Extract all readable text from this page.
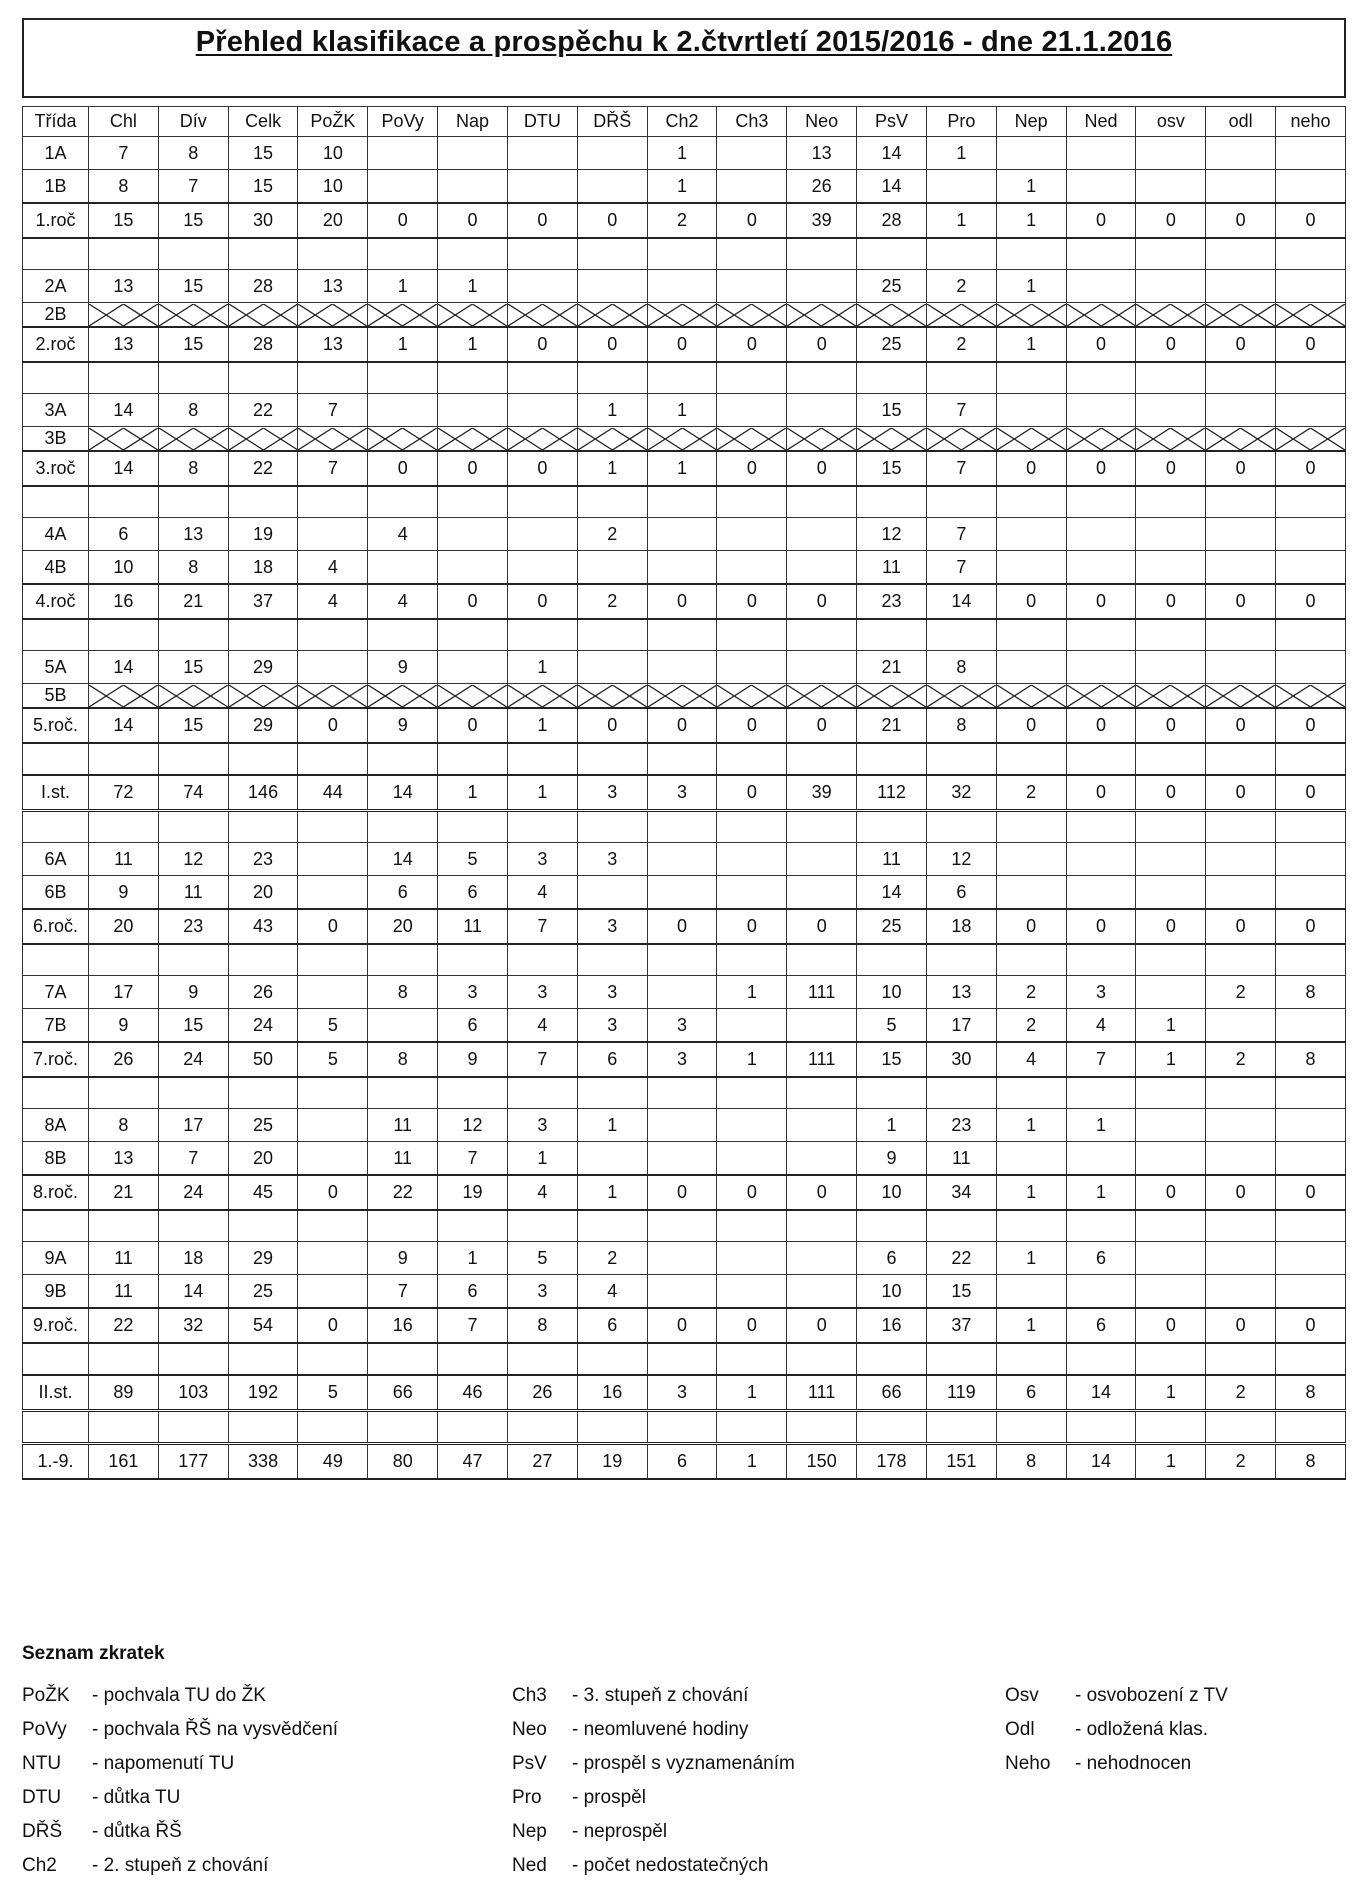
Přehled klasifikace a prospěchu k 2.čtvrtletí 2015/2016 - dne 21.1.2016
Třída	Chl	Dív	Celk	PoŽK	PoVy	Nap	DTU	DŘŠ	Ch2	Ch3	Neo	PsV	Pro	Nep	Ned	osv	odl	neho
1A	7	8	15	10					1		13	14	1					
1B	8	7	15	10					1		26	14		1				
1.roč	15	15	30	20	0	0	0	0	2	0	39	28	1	1	0	0	0	0

2A	13	15	28	13	1	1						25	2	1				
2B	

2.roč	13	15	28	13	1	1	0	0	0	0	0	25	2	1	0	0	0	0

3A	14	8	22	7				1	1			15	7					
3B	

3.roč	14	8	22	7	0	0	0	1	1	0	0	15	7	0	0	0	0	0

4A	6	13	19		4			2				12	7					
4B	10	8	18	4								11	7					
4.roč	16	21	37	4	4	0	0	2	0	0	0	23	14	0	0	0	0	0

5A	14	15	29		9		1					21	8					
5B	

5.roč.	14	15	29	0	9	0	1	0	0	0	0	21	8	0	0	0	0	0

I.st.	72	74	146	44	14	1	1	3	3	0	39	112	32	2	0	0	0	0

6A	11	12	23		14	5	3	3				11	12					
6B	9	11	20		6	6	4					14	6					
6.roč.	20	23	43	0	20	11	7	3	0	0	0	25	18	0	0	0	0	0

7A	17	9	26		8	3	3	3		1	111	10	13	2	3		2	8
7B	9	15	24	5		6	4	3	3			5	17	2	4	1		
7.roč.	26	24	50	5	8	9	7	6	3	1	111	15	30	4	7	1	2	8

8A	8	17	25		11	12	3	1				1	23	1	1			
8B	13	7	20		11	7	1					9	11					
8.roč.	21	24	45	0	22	19	4	1	0	0	0	10	34	1	1	0	0	0

9A	11	18	29		9	1	5	2				6	22	1	6			
9B	11	14	25		7	6	3	4				10	15					
9.roč.	22	32	54	0	16	7	8	6	0	0	0	16	37	1	6	0	0	0

II.st.	89	103	192	5	66	46	26	16	3	1	111	66	119	6	14	1	2	8

1.-9.	161	177	338	49	80	47	27	19	6	1	150	178	151	8	14	1	2	8
Seznam zkratek
PoŽK - pochvala TU do ŽK
PoVy - pochvala ŘŠ na vysvědčení
NTU - napomenutí TU
DTU - důtka TU
DŘŠ - důtka ŘŠ
Ch2 - 2. stupeň z chování
Ch3 - 3. stupeň z chování
Neo - neomluvené hodiny
PsV - prospěl s vyznamenáním
Pro - prospěl
Nep - neprospěl
Ned - počet nedostatečných
Osv - osvobození z TV
Odl - odložená klas.
Neho - nehodnocen
